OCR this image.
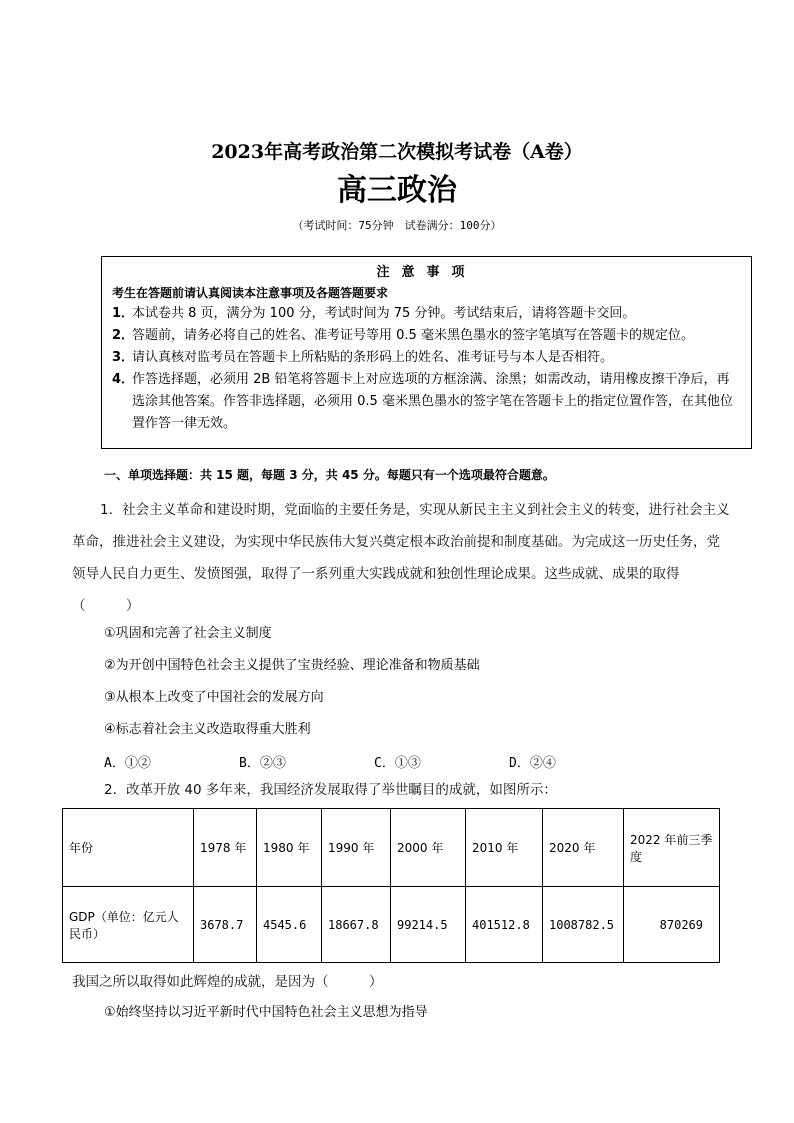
2023年高考政治第二次模拟考试卷（A卷）
高三政治
（考试时间：75分钟　试卷满分：100分）
注意事项
考生在答题前请认真阅读本注意事项及各题答题要求
1．
本试卷共 8 页，满分为 100 分，考试时间为 75 分钟。考试结束后，请将答题卡交回。
2．
答题前，请务必将自己的姓名、准考证号等用 0.5 毫米黑色墨水的签字笔填写在答题卡的规定位。
3．
请认真核对监考员在答题卡上所粘贴的条形码上的姓名、准考证号与本人是否相符。
4．
作答选择题，必须用 2B 铅笔将答题卡上对应选项的方框涂满、涂黑；如需改动，请用橡皮擦干净后，再选涂其他答案。作答非选择题，必须用 0.5 毫米黑色墨水的签字笔在答题卡上的指定位置作答，在其他位置作答一律无效。
一、单项选择题：共 15 题，每题 3 分，共 45 分。每题只有一个选项最符合题意。
1．社会主义革命和建设时期，党面临的主要任务是，实现从新民主主义到社会主义的转变，进行社会主义革命，推进社会主义建设，为实现中华民族伟大复兴奠定根本政治前提和制度基础。为完成这一历史任务，党领导人民自力更生、发愤图强，取得了一系列重大实践成就和独创性理论成果。这些成就、成果的取得（　　　）
①巩固和完善了社会主义制度
②为开创中国特色社会主义提供了宝贵经验、理论准备和物质基础
③从根本上改变了中国社会的发展方向
④标志着社会主义改造取得重大胜利
A．①②	B．②③	C．①③	D．②④
2．改革开放 40 多年来，我国经济发展取得了举世瞩目的成就，如图所示：
年份	1978 年	1980 年	1990 年	2000 年	2010 年	2020 年	2022 年前三季度
GDP（单位：亿元人民币）	3678.7	4545.6	18667.8	99214.5	401512.8	1008782.5	870269
我国之所以取得如此辉煌的成就，是因为（　　　）
①始终坚持以习近平新时代中国特色社会主义思想为指导
